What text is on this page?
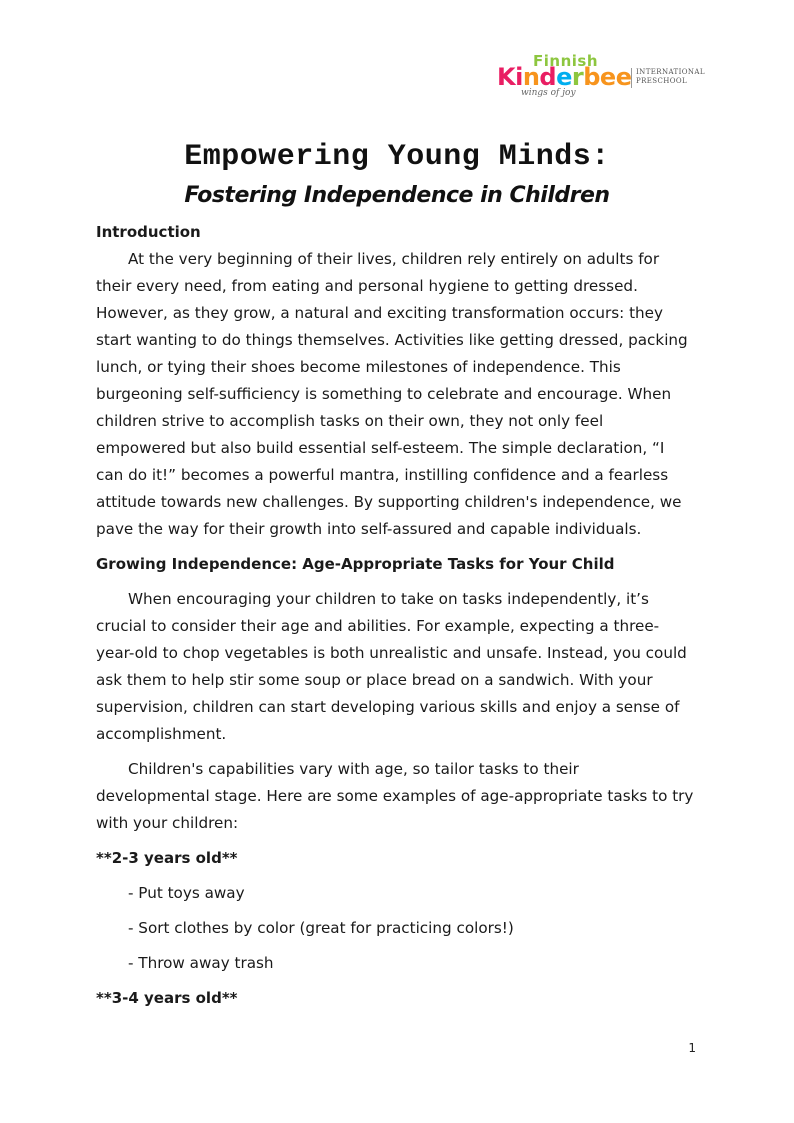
Finnish
Kinderbee
wings of joy
INTERNATIONAL
PRESCHOOL
Empowering Young Minds:
Fostering Independence in Children

Introduction

At the very beginning of their lives, children rely entirely on adults for their every need, from eating and personal hygiene to getting dressed. However, as they grow, a natural and exciting transformation occurs: they start wanting to do things themselves. Activities like getting dressed, packing lunch, or tying their shoes become milestones of independence. This burgeoning self-sufficiency is something to celebrate and encourage. When children strive to accomplish tasks on their own, they not only feel empowered but also build essential self-esteem. The simple declaration, “I can do it!” becomes a powerful mantra, instilling confidence and a fearless attitude towards new challenges. By supporting children's independence, we pave the way for their growth into self-assured and capable individuals.

Growing Independence: Age-Appropriate Tasks for Your Child

When encouraging your children to take on tasks independently, it’s crucial to consider their age and abilities. For example, expecting a three-year-old to chop vegetables is both unrealistic and unsafe. Instead, you could ask them to help stir some soup or place bread on a sandwich. With your supervision, children can start developing various skills and enjoy a sense of accomplishment.

Children's capabilities vary with age, so tailor tasks to their developmental stage. Here are some examples of age-appropriate tasks to try with your children:

**2-3 years old**

- Put toys away

- Sort clothes by color (great for practicing colors!)

- Throw away trash

**3-4 years old**

1
